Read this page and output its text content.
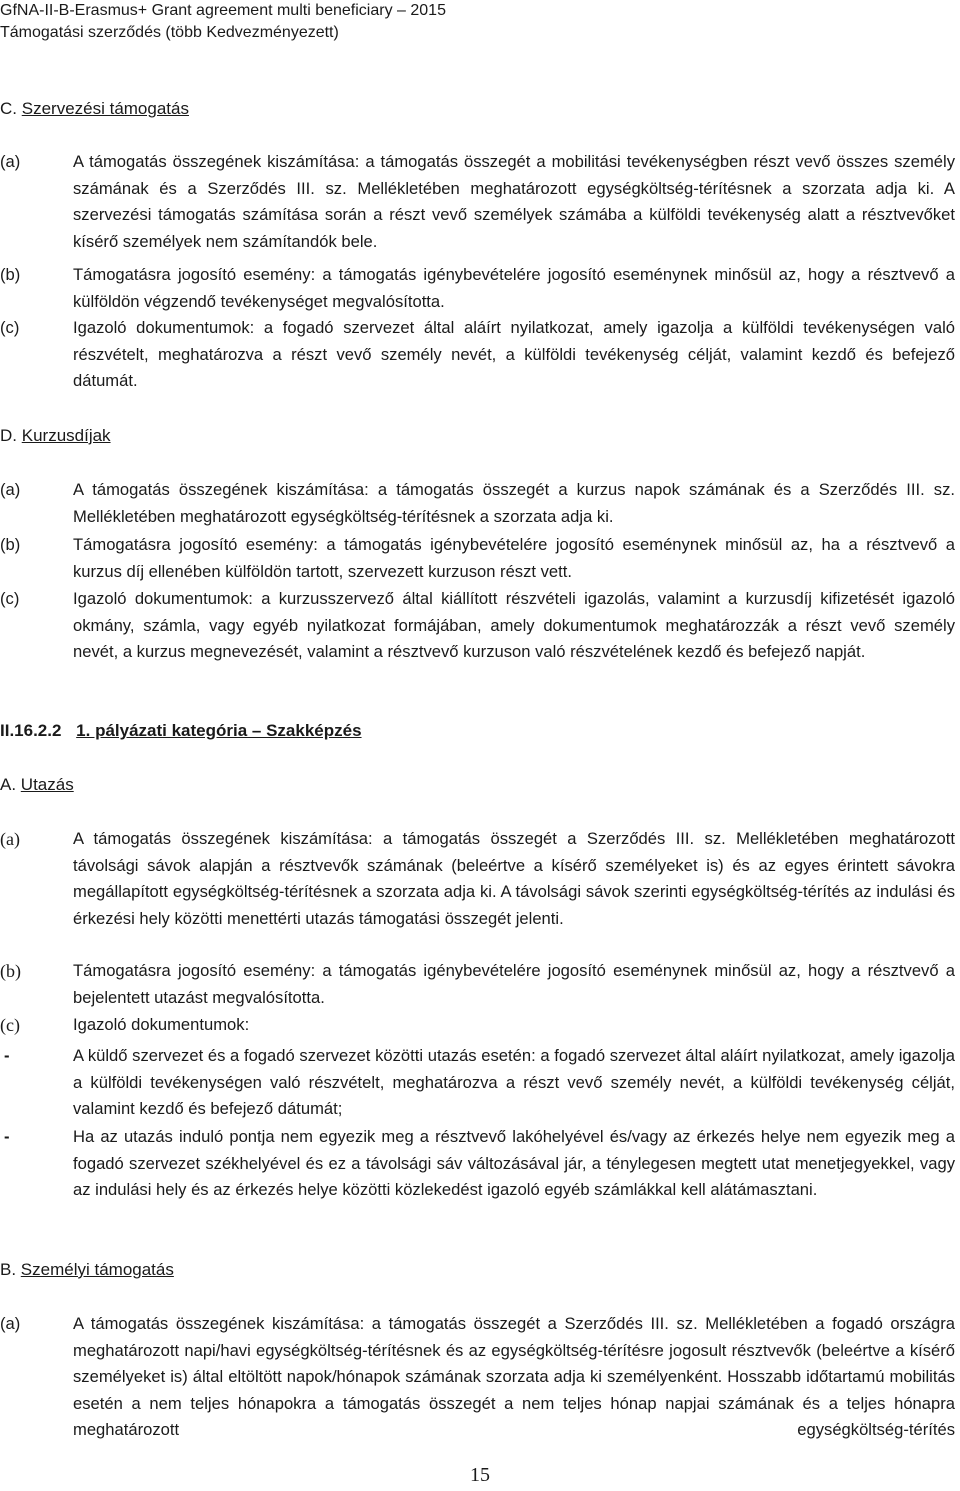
GfNA-II-B-Erasmus+ Grant agreement multi beneficiary – 2015
Támogatási szerződés (több Kedvezményezett)
C. Szervezési támogatás
(a)	A támogatás összegének kiszámítása: a támogatás összegét a mobilitási tevékenységben részt vevő összes személy számának és a Szerződés III. sz. Mellékletében meghatározott egységköltség-térítésnek a szorzata adja ki. A szervezési támogatás számítása során a részt vevő személyek számába a külföldi tevékenység alatt a résztvevőket kísérő személyek nem számítandók bele.
(b)	Támogatásra jogosító esemény: a támogatás igénybevételére jogosító eseménynek minősül az, hogy a résztvevő a külföldön végzendő tevékenységet megvalósította.
(c)	Igazoló dokumentumok: a fogadó szervezet által aláírt nyilatkozat, amely igazolja a külföldi tevékenységen való részvételt, meghatározva a részt vevő személy nevét, a külföldi tevékenység célját, valamint kezdő és befejező dátumát.
D. Kurzusdíjak
(a)	A támogatás összegének kiszámítása: a támogatás összegét a kurzus napok számának és a Szerződés III. sz. Mellékletében meghatározott egységköltség-térítésnek a szorzata adja ki.
(b)	Támogatásra jogosító esemény: a támogatás igénybevételére jogosító eseménynek minősül az, ha a résztvevő a kurzus díj ellenében külföldön tartott, szervezett kurzuson részt vett.
(c)	Igazoló dokumentumok: a kurzusszervező által kiállított részvételi igazolás, valamint a kurzusdíj kifizetését igazoló okmány, számla, vagy egyéb nyilatkozat formájában, amely dokumentumok meghatározzák a részt vevő személy nevét, a kurzus megnevezését, valamint a résztvevő kurzuson való részvételének kezdő és befejező napját.
II.16.2.2 1. pályázati kategória – Szakképzés
A. Utazás
(a)	A támogatás összegének kiszámítása: a támogatás összegét a Szerződés III. sz. Mellékletében meghatározott távolsági sávok alapján a résztvevők számának (beleértve a kísérő személyeket is) és az egyes érintett sávokra megállapított egységköltség-térítésnek a szorzata adja ki. A távolsági sávok szerinti egységköltség-térítés az indulási és érkezési hely közötti menettérti utazás támogatási összegét jelenti.
(b)	Támogatásra jogosító esemény: a támogatás igénybevételére jogosító eseménynek minősül az, hogy a résztvevő a bejelentett utazást megvalósította.
(c)	Igazoló dokumentumok:
-	A küldő szervezet és a fogadó szervezet közötti utazás esetén: a fogadó szervezet által aláírt nyilatkozat, amely igazolja a külföldi tevékenységen való részvételt, meghatározva a részt vevő személy nevét, a külföldi tevékenység célját, valamint kezdő és befejező dátumát;
-	Ha az utazás induló pontja nem egyezik meg a résztvevő lakóhelyével és/vagy az érkezés helye nem egyezik meg a fogadó szervezet székhelyével és ez a távolsági sáv változásával jár, a ténylegesen megtett utat menetjegyekkel, vagy az indulási hely és az érkezés helye közötti közlekedést igazoló egyéb számlákkal kell alátámasztani.
B. Személyi támogatás
(a)	A támogatás összegének kiszámítása: a támogatás összegét a Szerződés III. sz. Mellékletében a fogadó országra meghatározott napi/havi egységköltség-térítésnek és az egységköltség-térítésre jogosult résztvevők (beleértve a kísérő személyeket is) által eltöltött napok/hónapok számának szorzata adja ki személyenként. Hosszabb időtartamú mobilitás esetén a nem teljes hónapokra a támogatás összegét a nem teljes hónap napjai számának és a teljes hónapra meghatározott egységköltség-térítés
15
